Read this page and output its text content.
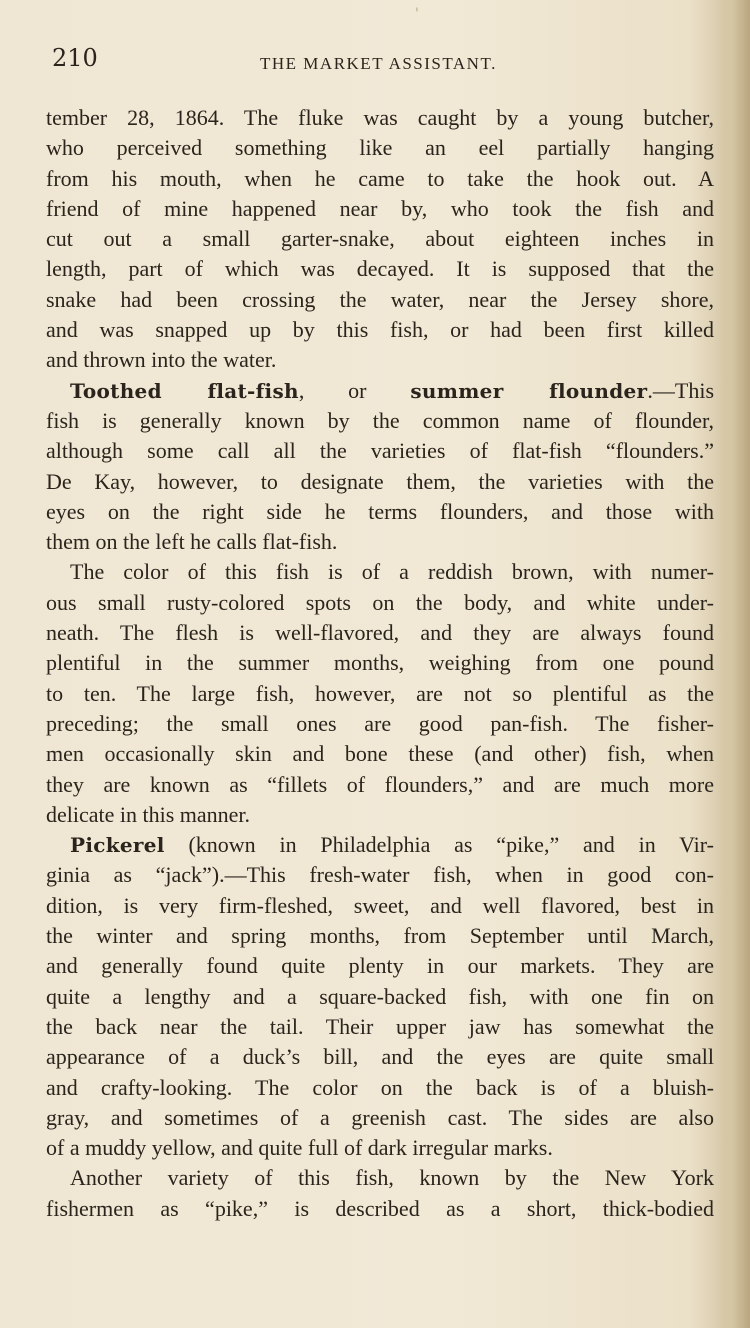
'
210	THE MARKET ASSISTANT.
tember 28, 1864. The fluke was caught by a young butcher,
who perceived something like an eel partially hanging
from his mouth, when he came to take the hook out. A
friend of mine happened near by, who took the fish and
cut out a small garter-snake, about eighteen inches in
length, part of which was decayed. It is supposed that the
snake had been crossing the water, near the Jersey shore,
and was snapped up by this fish, or had been first killed
and thrown into the water.
Toothed flat-fish, or summer flounder.—This
fish is generally known by the common name of flounder,
although some call all the varieties of flat-fish “flounders.”
De Kay, however, to designate them, the varieties with the
eyes on the right side he terms flounders, and those with
them on the left he calls flat-fish.
The color of this fish is of a reddish brown, with numer-
ous small rusty-colored spots on the body, and white under-
neath. The flesh is well-flavored, and they are always found
plentiful in the summer months, weighing from one pound
to ten. The large fish, however, are not so plentiful as the
preceding; the small ones are good pan-fish. The fisher-
men occasionally skin and bone these (and other) fish, when
they are known as “fillets of flounders,” and are much more
delicate in this manner.
Pickerel (known in Philadelphia as “pike,” and in Vir-
ginia as “jack”).—This fresh-water fish, when in good con-
dition, is very firm-fleshed, sweet, and well flavored, best in
the winter and spring months, from September until March,
and generally found quite plenty in our markets. They are
quite a lengthy and a square-backed fish, with one fin on
the back near the tail. Their upper jaw has somewhat the
appearance of a duck’s bill, and the eyes are quite small
and crafty-looking. The color on the back is of a bluish-
gray, and sometimes of a greenish cast. The sides are also
of a muddy yellow, and quite full of dark irregular marks.
Another variety of this fish, known by the New York
fishermen as “pike,” is described as a short, thick-bodied
